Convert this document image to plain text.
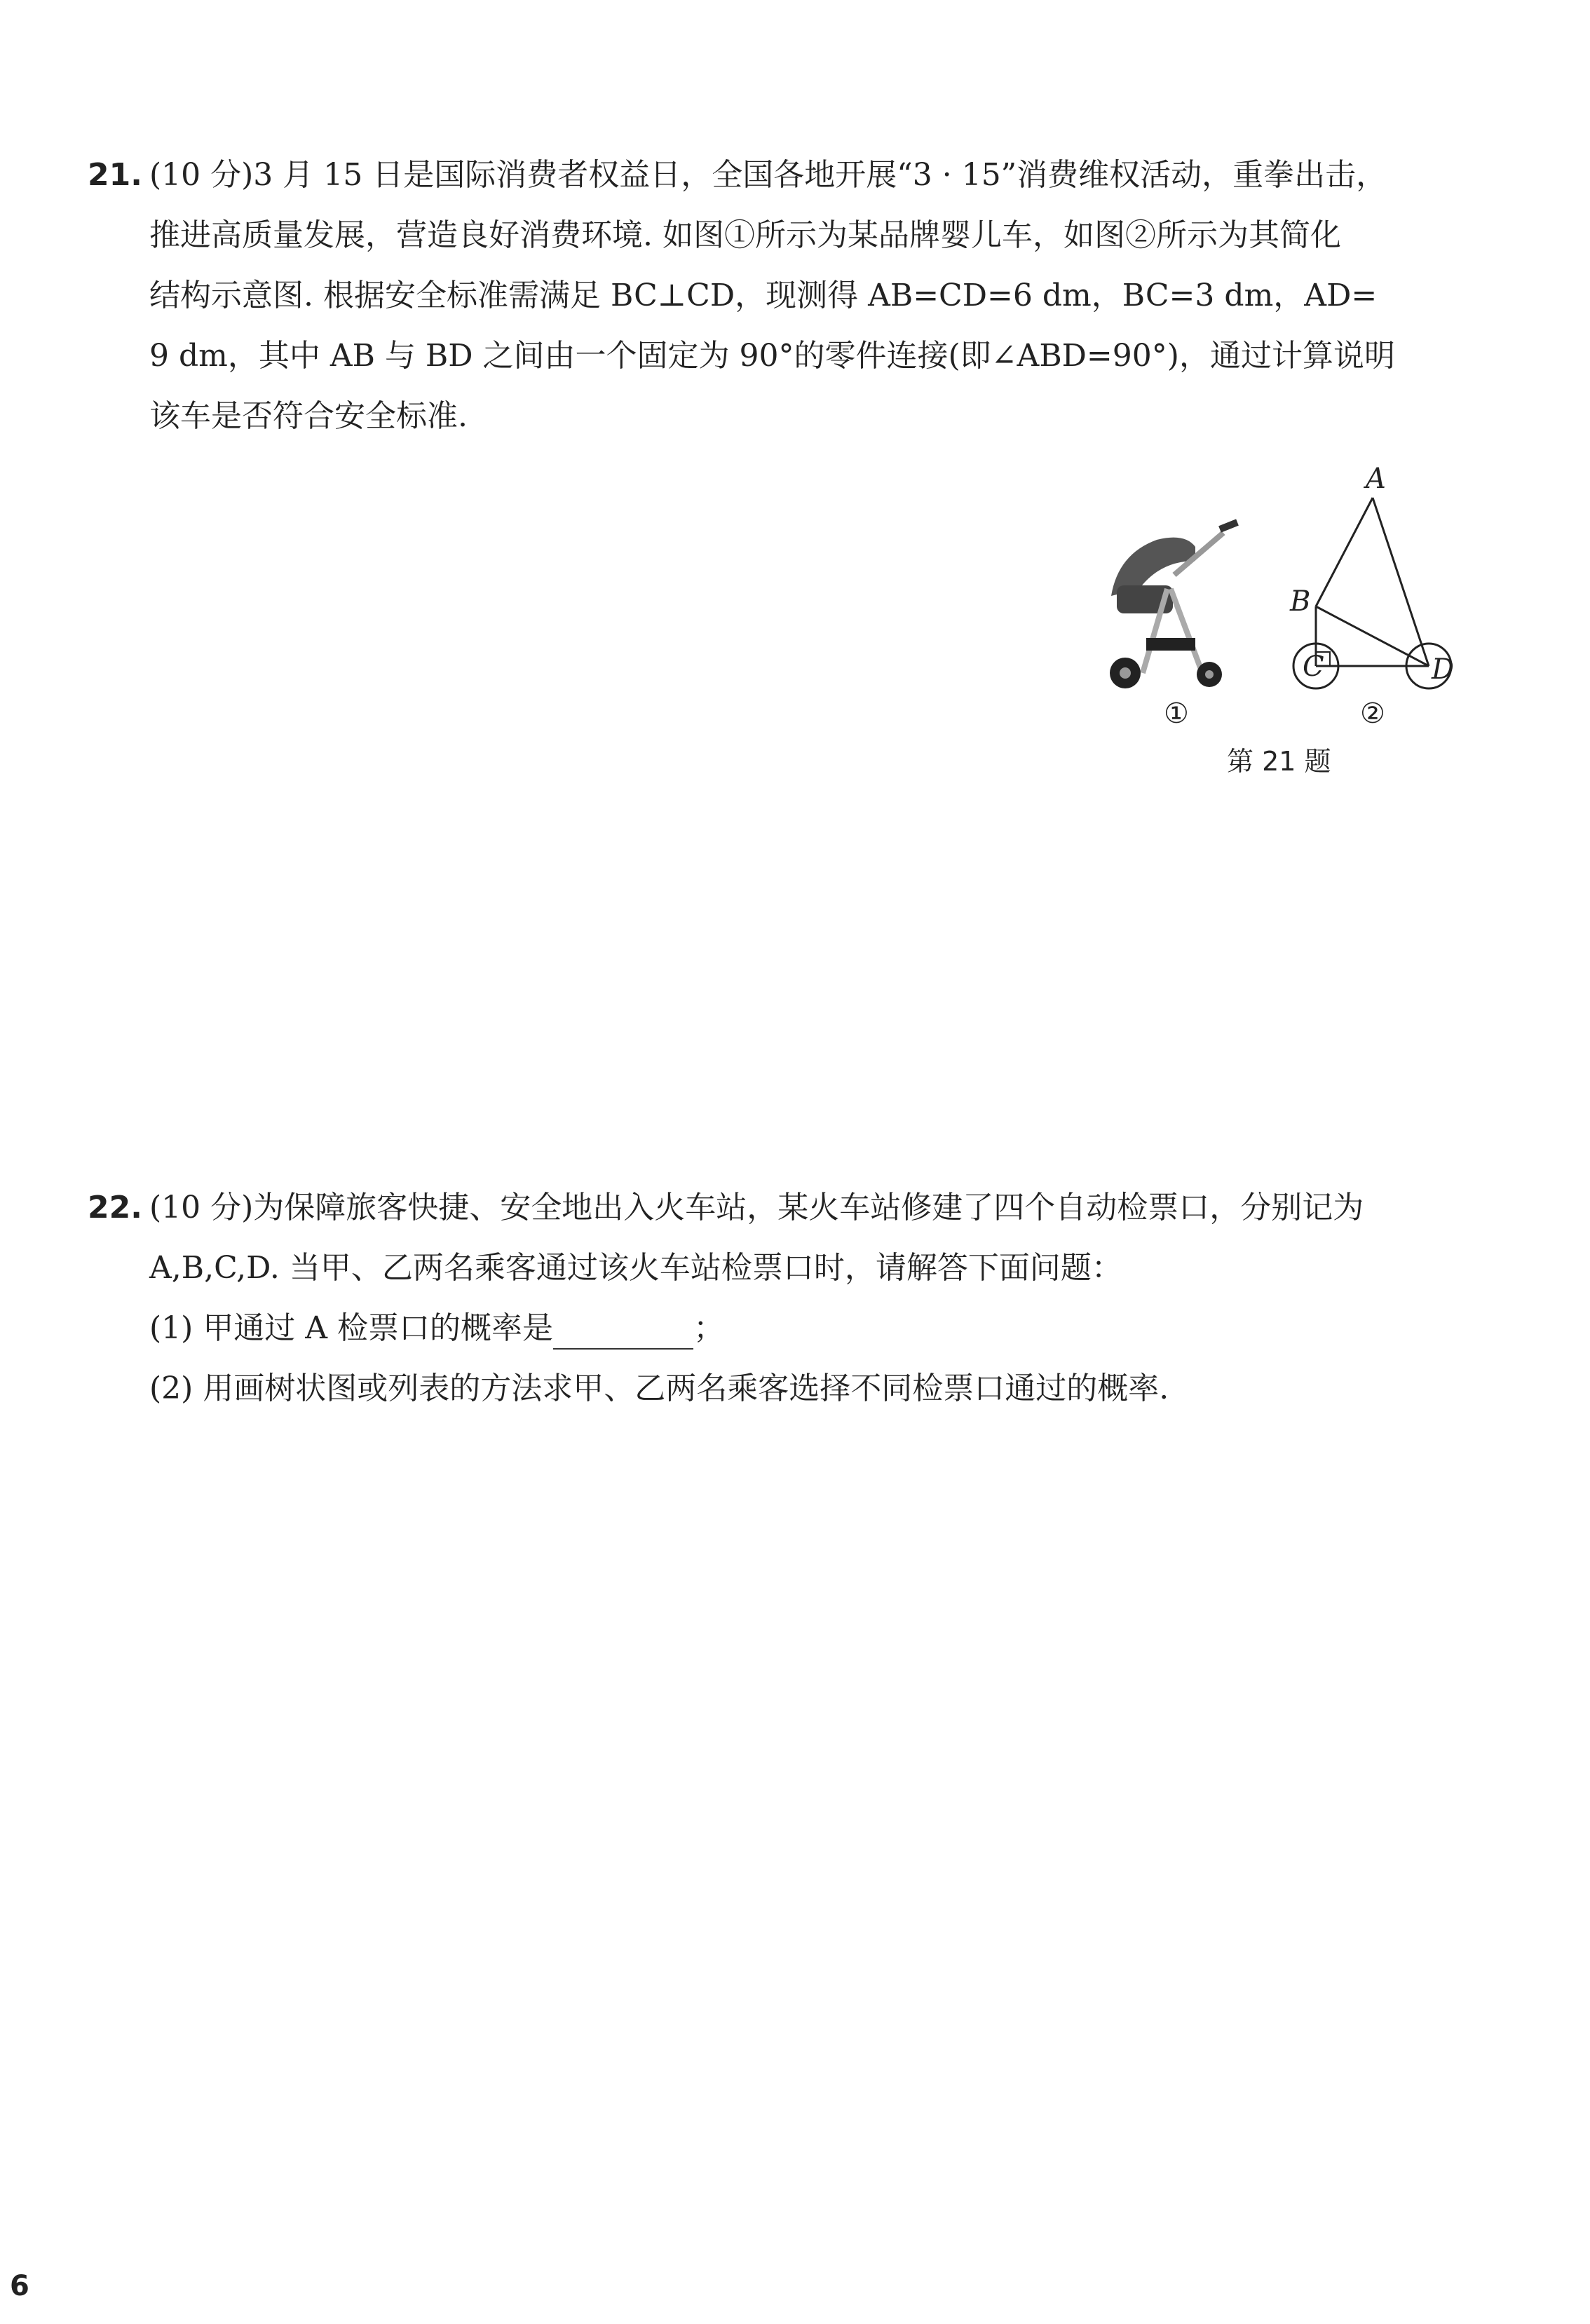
21. (10 分)3 月 15 日是国际消费者权益日，全国各地开展“3 · 15”消费维权活动，重拳出击，
推进高质量发展，营造良好消费环境. 如图①所示为某品牌婴儿车，如图②所示为其简化
结构示意图. 根据安全标准需满足 BC⊥CD，现测得 AB=CD=6 dm，BC=3 dm，AD=
9 dm，其中 AB 与 BD 之间由一个固定为 90°的零件连接(即∠ABD=90°)，通过计算说明
该车是否符合安全标准.
①
A
B
C	D
②
第 21 题
22. (10 分)为保障旅客快捷、安全地出入火车站，某火车站修建了四个自动检票口，分别记为
A,B,C,D. 当甲、乙两名乘客通过该火车站检票口时，请解答下面问题：
(1) 甲通过 A 检票口的概率是	；
(2) 用画树状图或列表的方法求甲、乙两名乘客选择不同检票口通过的概率.
6
